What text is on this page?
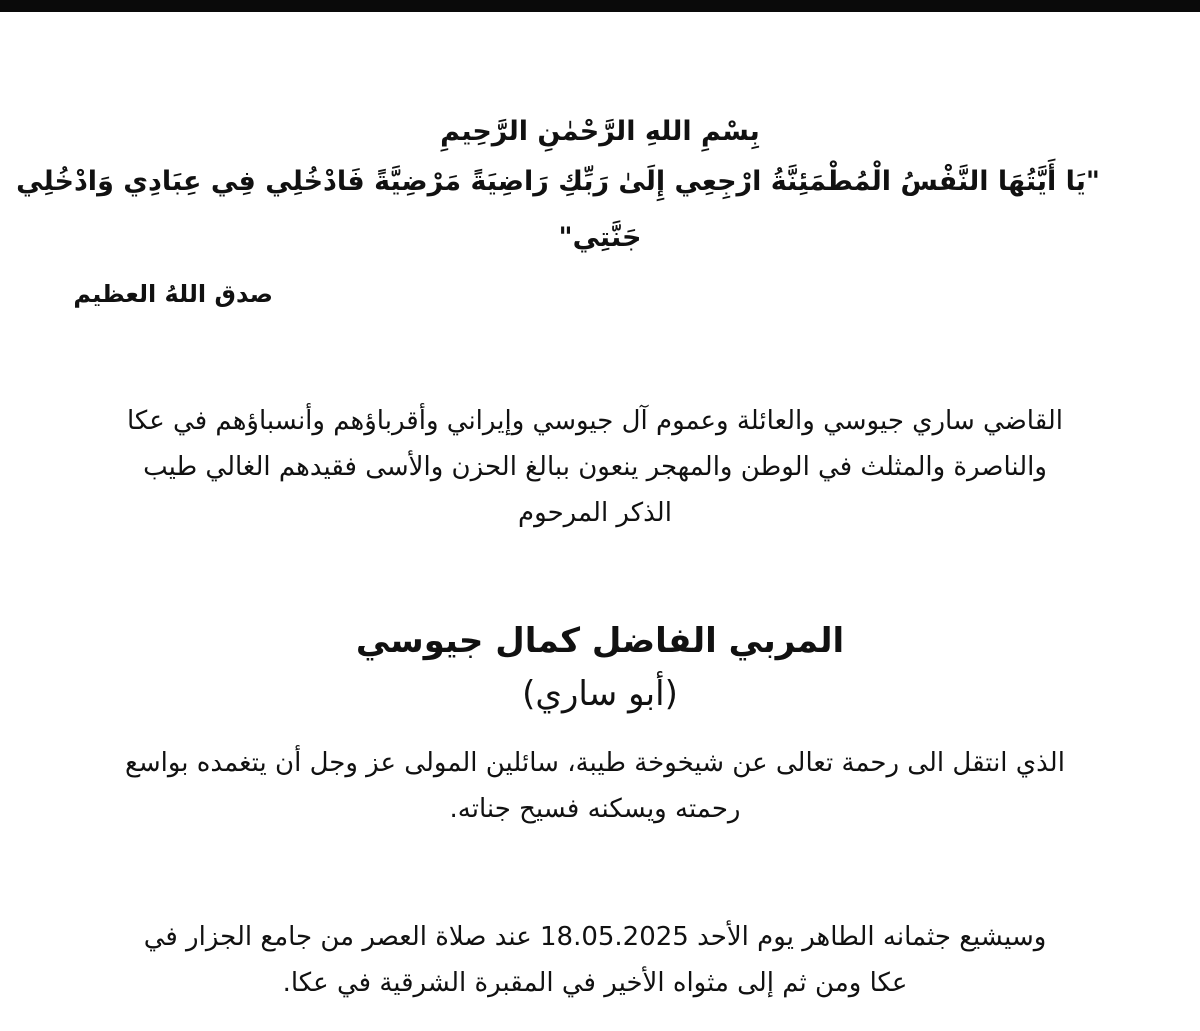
بِسْمِ اللهِ الرَّحْمٰنِ الرَّحِيمِ
"يَا أَيَّتُهَا النَّفْسُ الْمُطْمَئِنَّةُ ارْجِعِي إِلَىٰ رَبِّكِ رَاضِيَةً مَرْضِيَّةً فَادْخُلِي فِي عِبَادِي وَادْخُلِي
جَنَّتِي"
صدق اللهُ العظيم
القاضي ساري جيوسي والعائلة وعموم آل جيوسي وإيراني وأقرباؤهم وأنسباؤهم في عكا
والناصرة والمثلث في الوطن والمهجر ينعون ببالغ الحزن والأسى فقيدهم الغالي طيب
الذكر المرحوم
المربي الفاضل كمال جيوسي
(أبو ساري)
الذي انتقل الى رحمة تعالى عن شيخوخة طيبة، سائلين المولى عز وجل أن يتغمده بواسع
رحمته ويسكنه فسيح جناته.
وسيشيع جثمانه الطاهر يوم الأحد 18.05.2025 عند صلاة العصر من جامع الجزار في
عكا ومن ثم إلى مثواه الأخير في المقبرة الشرقية في عكا.
